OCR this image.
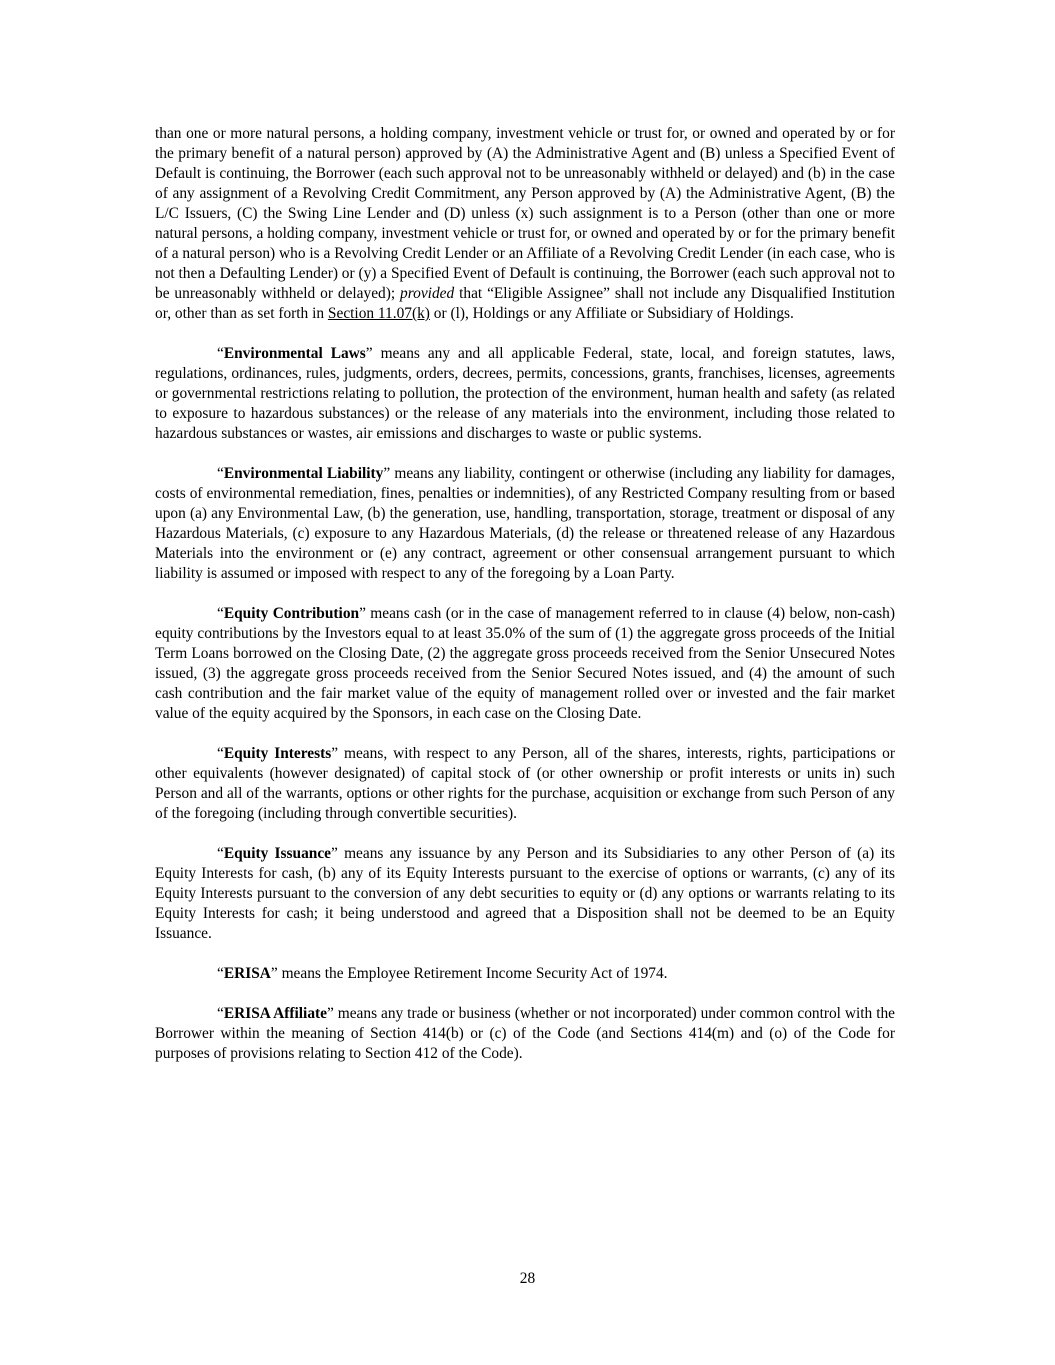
than one or more natural persons, a holding company, investment vehicle or trust for, or owned and operated by or for the primary benefit of a natural person) approved by (A) the Administrative Agent and (B) unless a Specified Event of Default is continuing, the Borrower (each such approval not to be unreasonably withheld or delayed) and (b) in the case of any assignment of a Revolving Credit Commitment, any Person approved by (A) the Administrative Agent, (B) the L/C Issuers, (C) the Swing Line Lender and (D) unless (x) such assignment is to a Person (other than one or more natural persons, a holding company, investment vehicle or trust for, or owned and operated by or for the primary benefit of a natural person) who is a Revolving Credit Lender or an Affiliate of a Revolving Credit Lender (in each case, who is not then a Defaulting Lender) or (y) a Specified Event of Default is continuing, the Borrower (each such approval not to be unreasonably withheld or delayed); provided that “Eligible Assignee” shall not include any Disqualified Institution or, other than as set forth in Section 11.07(k) or (l), Holdings or any Affiliate or Subsidiary of Holdings.

“Environmental Laws” means any and all applicable Federal, state, local, and foreign statutes, laws, regulations, ordinances, rules, judgments, orders, decrees, permits, concessions, grants, franchises, licenses, agreements or governmental restrictions relating to pollution, the protection of the environment, human health and safety (as related to exposure to hazardous substances) or the release of any materials into the environment, including those related to hazardous substances or wastes, air emissions and discharges to waste or public systems.

“Environmental Liability” means any liability, contingent or otherwise (including any liability for damages, costs of environmental remediation, fines, penalties or indemnities), of any Restricted Company resulting from or based upon (a) any Environmental Law, (b) the generation, use, handling, transportation, storage, treatment or disposal of any Hazardous Materials, (c) exposure to any Hazardous Materials, (d) the release or threatened release of any Hazardous Materials into the environment or (e) any contract, agreement or other consensual arrangement pursuant to which liability is assumed or imposed with respect to any of the foregoing by a Loan Party.

“Equity Contribution” means cash (or in the case of management referred to in clause (4) below, non-cash) equity contributions by the Investors equal to at least 35.0% of the sum of (1) the aggregate gross proceeds of the Initial Term Loans borrowed on the Closing Date, (2) the aggregate gross proceeds received from the Senior Unsecured Notes issued, (3) the aggregate gross proceeds received from the Senior Secured Notes issued, and (4) the amount of such cash contribution and the fair market value of the equity of management rolled over or invested and the fair market value of the equity acquired by the Sponsors, in each case on the Closing Date.

“Equity Interests” means, with respect to any Person, all of the shares, interests, rights, participations or other equivalents (however designated) of capital stock of (or other ownership or profit interests or units in) such Person and all of the warrants, options or other rights for the purchase, acquisition or exchange from such Person of any of the foregoing (including through convertible securities).

“Equity Issuance” means any issuance by any Person and its Subsidiaries to any other Person of (a) its Equity Interests for cash, (b) any of its Equity Interests pursuant to the exercise of options or warrants, (c) any of its Equity Interests pursuant to the conversion of any debt securities to equity or (d) any options or warrants relating to its Equity Interests for cash; it being understood and agreed that a Disposition shall not be deemed to be an Equity Issuance.

“ERISA” means the Employee Retirement Income Security Act of 1974.

“ERISA Affiliate” means any trade or business (whether or not incorporated) under common control with the Borrower within the meaning of Section 414(b) or (c) of the Code (and Sections 414(m) and (o) of the Code for purposes of provisions relating to Section 412 of the Code).

28
